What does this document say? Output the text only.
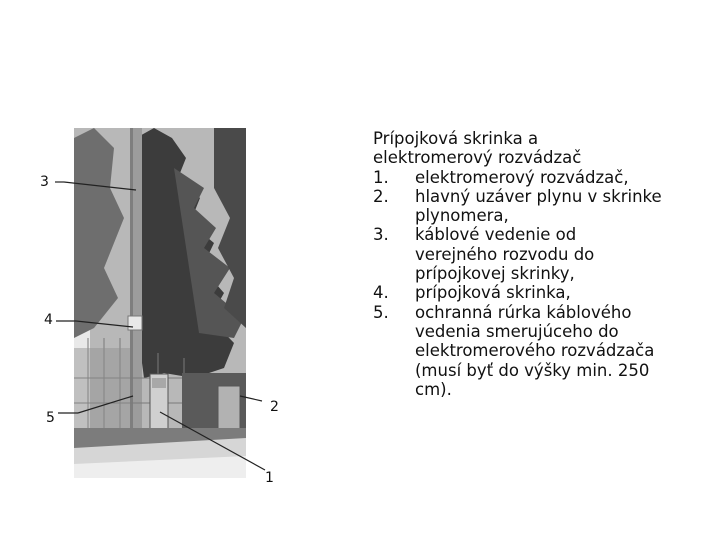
3
4
5
2
1
Prípojková skrinka a
elektromerový rozvádzač
1.	elektromerový rozvádzač,
2.	hlavný uzáver plynu v skrinke
plynomera,
3.	káblové vedenie od
verejného rozvodu do
prípojkovej skrinky,
4.	prípojková skrinka,
5.	ochranná rúrka káblového
vedenia smerujúceho do
elektromerového rozvádzača
(musí byť do výšky min. 250
cm).
